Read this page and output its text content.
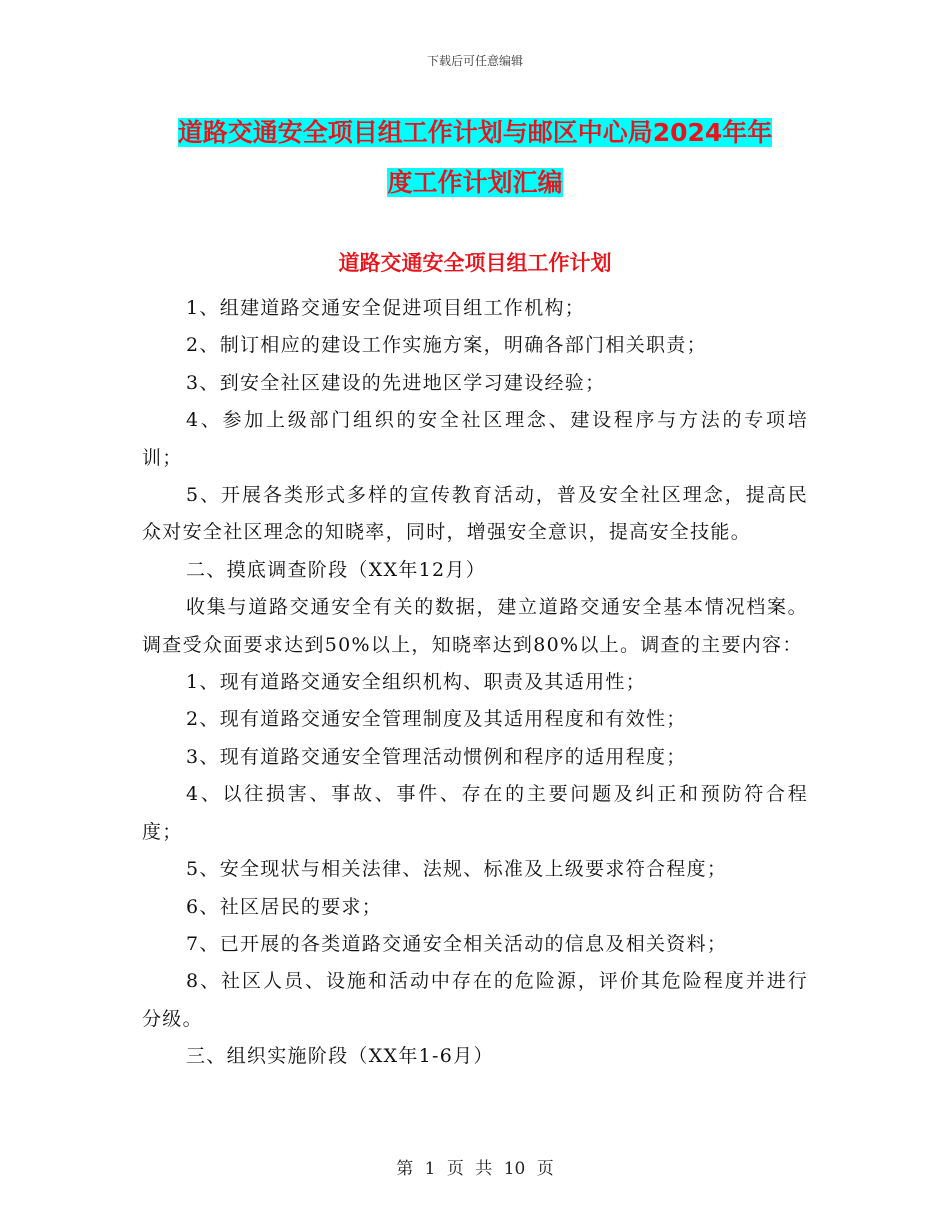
下载后可任意编辑
道路交通安全项目组工作计划与邮区中心局2024年年
度工作计划汇编
道路交通安全项目组工作计划

1、组建道路交通安全促进项目组工作机构；

2、制订相应的建设工作实施方案，明确各部门相关职责；

3、到安全社区建设的先进地区学习建设经验；

4、参加上级部门组织的安全社区理念、建设程序与方法的专项培训；

5、开展各类形式多样的宣传教育活动，普及安全社区理念，提高民众对安全社区理念的知晓率，同时，增强安全意识，提高安全技能。

二、摸底调查阶段（XX年12月）

收集与道路交通安全有关的数据，建立道路交通安全基本情况档案。调查受众面要求达到50%以上，知晓率达到80%以上。调查的主要内容：

1、现有道路交通安全组织机构、职责及其适用性；

2、现有道路交通安全管理制度及其适用程度和有效性；

3、现有道路交通安全管理活动惯例和程序的适用程度；

4、以往损害、事故、事件、存在的主要问题及纠正和预防符合程度；

5、安全现状与相关法律、法规、标准及上级要求符合程度；

6、社区居民的要求；

7、已开展的各类道路交通安全相关活动的信息及相关资料；

8、社区人员、设施和活动中存在的危险源，评价其危险程度并进行分级。

三、组织实施阶段（XX年1-6月）

第 1 页 共 10 页
